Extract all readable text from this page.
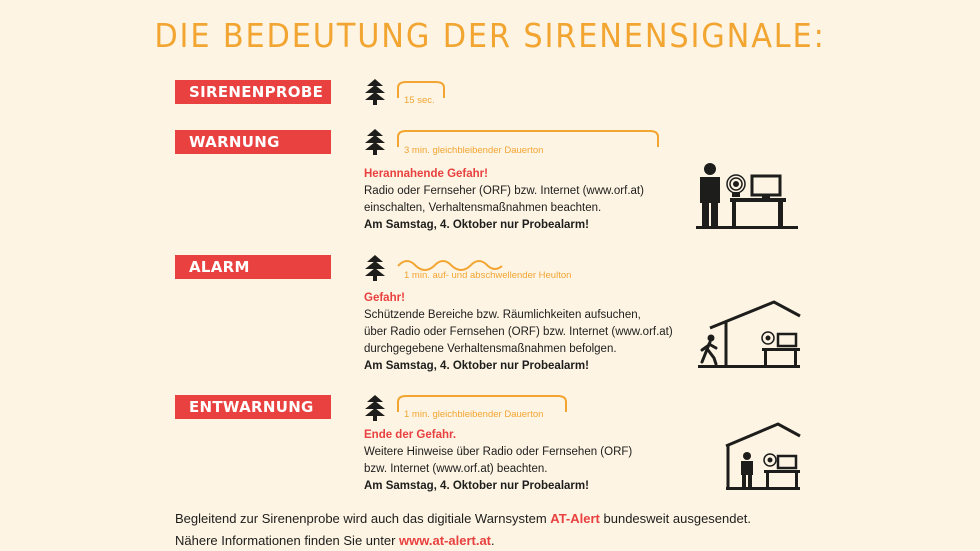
DIE BEDEUTUNG DER SIRENENSIGNALE:
SIRENENPROBE	15 sec.
WARNUNG	3 min. gleichbleibender Dauerton
Herannahende Gefahr!
Radio oder Fernseher (ORF) bzw. Internet (www.orf.at)
einschalten, Verhaltensmaßnahmen beachten.
Am Samstag, 4. Oktober nur Probealarm!
ALARM	1 min. auf- und abschwellender Heulton
Gefahr!
Schützende Bereiche bzw. Räumlichkeiten aufsuchen,
über Radio oder Fernsehen (ORF) bzw. Internet (www.orf.at)
durchgegebene Verhaltensmaßnahmen befolgen.
Am Samstag, 4. Oktober nur Probealarm!
ENTWARNUNG	1 min. gleichbleibender Dauerton
Ende der Gefahr.
Weitere Hinweise über Radio oder Fernsehen (ORF)
bzw. Internet (www.orf.at) beachten.
Am Samstag, 4. Oktober nur Probealarm!
Begleitend zur Sirenenprobe wird auch das digitiale Warnsystem AT-Alert bundesweit ausgesendet.
Nähere Informationen finden Sie unter www.at-alert.at.
